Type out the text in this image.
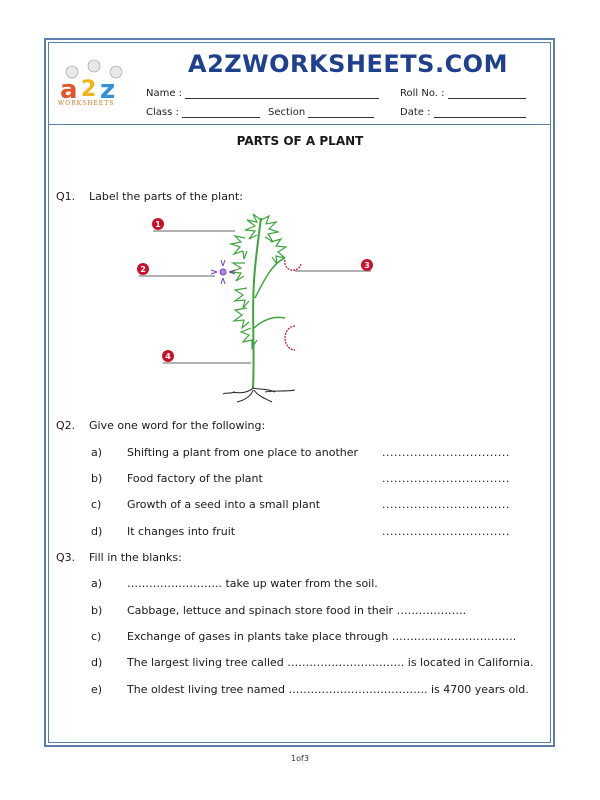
a 2 z
WORKSHEETS
A2ZWORKSHEETS.COM
Name :	Roll No. :
Class :	Section	Date :
PARTS OF A PLANT
Q1. Label the parts of the plant:
1
2	3
4
Q2. Give one word for the following:
a) Shifting a plant from one place to another ................................
b) Food factory of the plant	................................
c) Growth of a seed into a small plant	................................
d) It changes into fruit	................................
Q3. Fill in the blanks:
a) …………………….. take up water from the soil.
b) Cabbage, lettuce and spinach store food in their ……………….
c) Exchange of gases in plants take place through …………………………….
d) The largest living tree called ………………………….. is located in California.
e) The oldest living tree named ……………………………….. is 4700 years old.
1of3
